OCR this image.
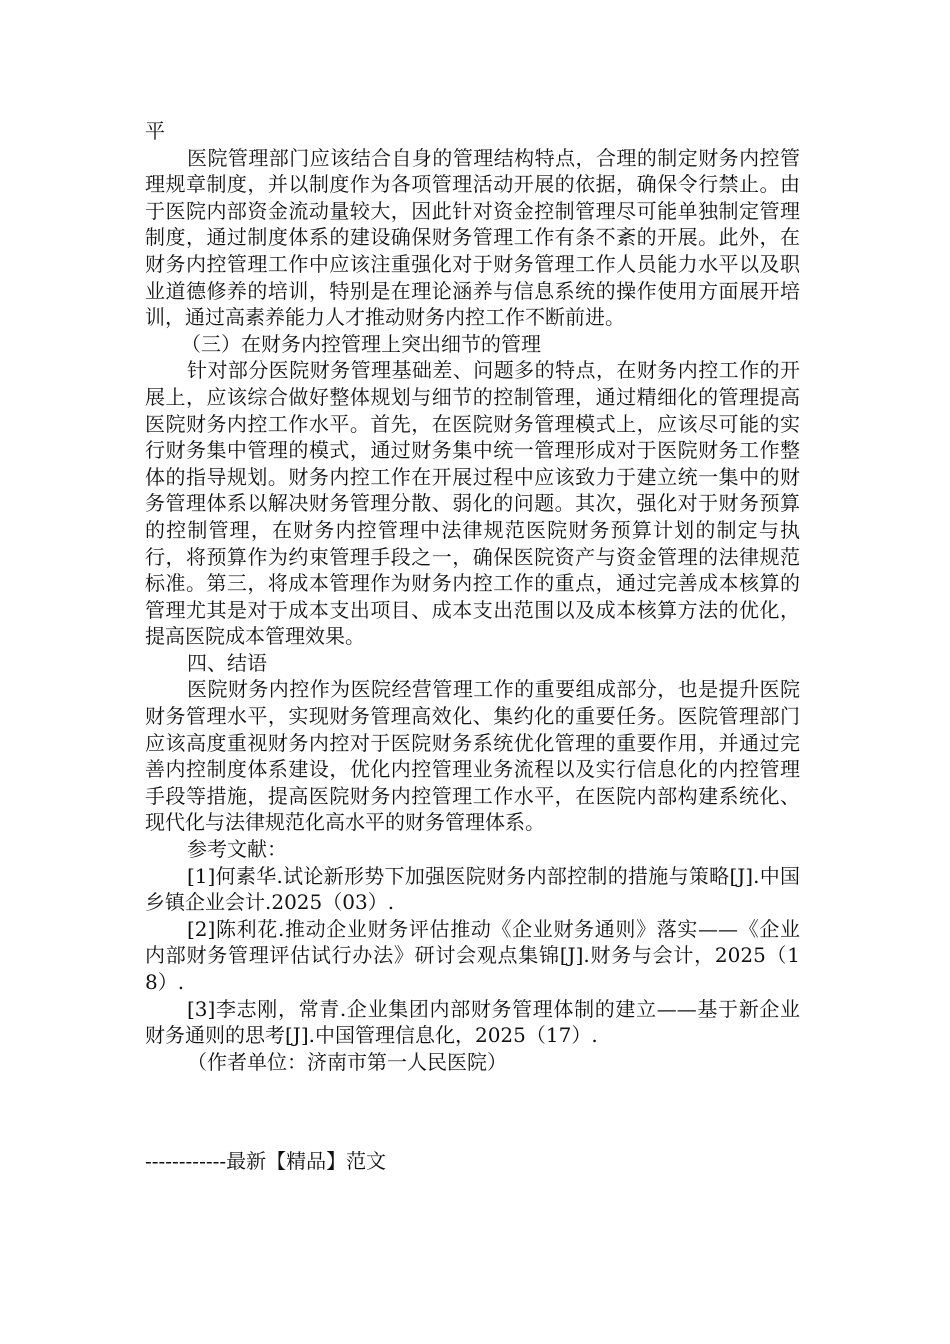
平

医院管理部门应该结合自身的管理结构特点，合理的制定财务内控管理规章制度，并以制度作为各项管理活动开展的依据，确保令行禁止。由于医院内部资金流动量较大，因此针对资金控制管理尽可能单独制定管理制度，通过制度体系的建设确保财务管理工作有条不紊的开展。此外，在财务内控管理工作中应该注重强化对于财务管理工作人员能力水平以及职业道德修养的培训，特别是在理论涵养与信息系统的操作使用方面展开培训，通过高素养能力人才推动财务内控工作不断前进。

（三）在财务内控管理上突出细节的管理

针对部分医院财务管理基础差、问题多的特点，在财务内控工作的开展上，应该综合做好整体规划与细节的控制管理，通过精细化的管理提高医院财务内控工作水平。首先，在医院财务管理模式上，应该尽可能的实行财务集中管理的模式，通过财务集中统一管理形成对于医院财务工作整体的指导规划。财务内控工作在开展过程中应该致力于建立统一集中的财务管理体系以解决财务管理分散、弱化的问题。其次，强化对于财务预算的控制管理，在财务内控管理中法律规范医院财务预算计划的制定与执行，将预算作为约束管理手段之一，确保医院资产与资金管理的法律规范标准。第三，将成本管理作为财务内控工作的重点，通过完善成本核算的管理尤其是对于成本支出项目、成本支出范围以及成本核算方法的优化，提高医院成本管理效果。

四、结语

医院财务内控作为医院经营管理工作的重要组成部分，也是提升医院财务管理水平，实现财务管理高效化、集约化的重要任务。医院管理部门应该高度重视财务内控对于医院财务系统优化管理的重要作用，并通过完善内控制度体系建设，优化内控管理业务流程以及实行信息化的内控管理手段等措施，提高医院财务内控管理工作水平，在医院内部构建系统化、现代化与法律规范化高水平的财务管理体系。

参考文献：

[1]何素华.试论新形势下加强医院财务内部控制的措施与策略[J].中国乡镇企业会计.2025（03）.

[2]陈利花.推动企业财务评估推动《企业财务通则》落实——《企业内部财务管理评估试行办法》研讨会观点集锦[J].财务与会计，2025（18）.

[3]李志刚，常青.企业集团内部财务管理体制的建立——基于新企业财务通则的思考[J].中国管理信息化，2025（17）.

（作者单位：济南市第一人民医院）

------------最新【精品】范文
